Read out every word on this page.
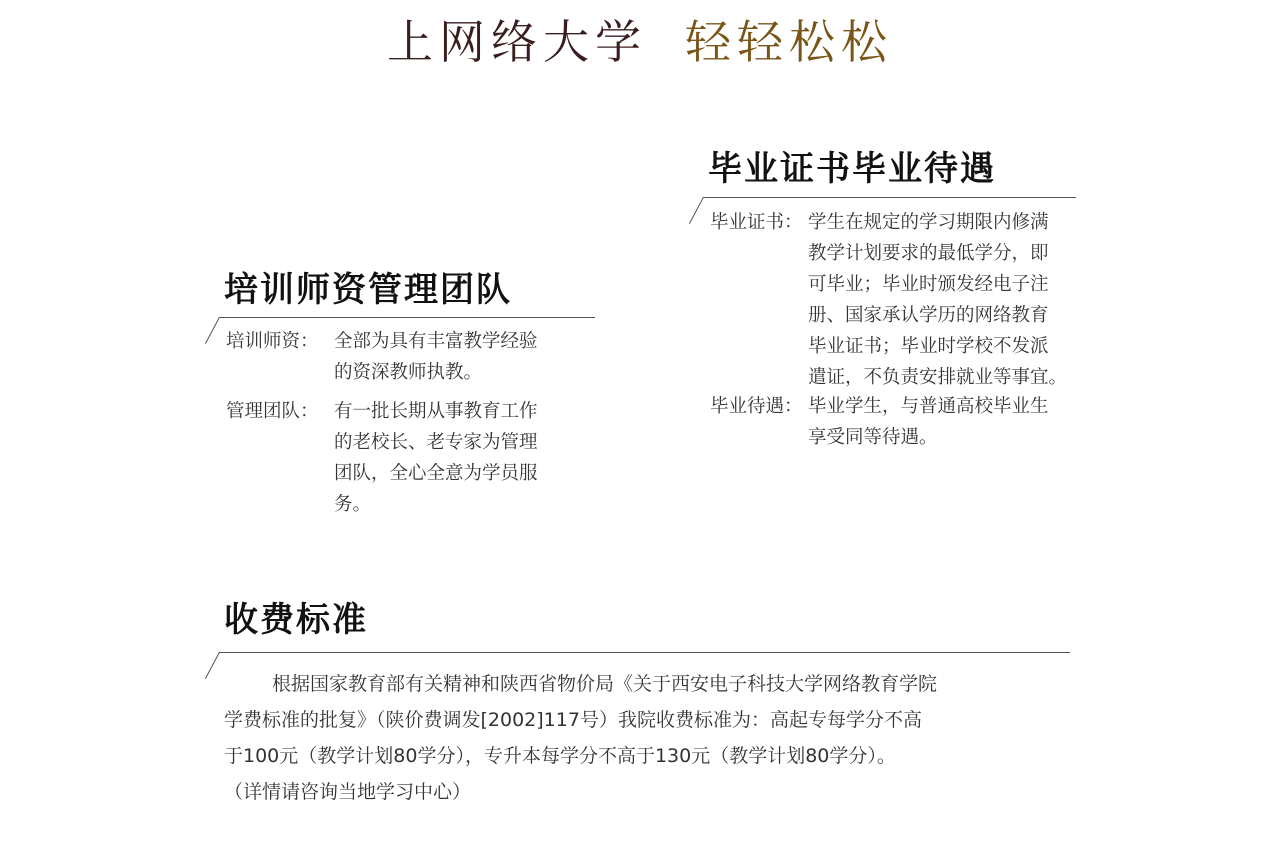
上网络大学 轻轻松松
培训师资管理团队
培训师资： 全部为具有丰富教学经验
的资深教师执教。
管理团队： 有一批长期从事教育工作
的老校长、老专家为管理
团队，全心全意为学员服
务。
毕业证书毕业待遇
毕业证书： 学生在规定的学习期限内修满
教学计划要求的最低学分，即
可毕业；毕业时颁发经电子注
册、国家承认学历的网络教育
毕业证书；毕业时学校不发派
遣证，不负责安排就业等事宜。
毕业待遇： 毕业学生，与普通高校毕业生
享受同等待遇。
收费标准

根据国家教育部有关精神和陕西省物价局《关于西安电子科技大学网络教育学院

学费标准的批复》（陕价费调发[2002]117号）我院收费标准为：高起专每学分不高

于100元（教学计划80学分），专升本每学分不高于130元（教学计划80学分）。

（详情请咨询当地学习中心）
